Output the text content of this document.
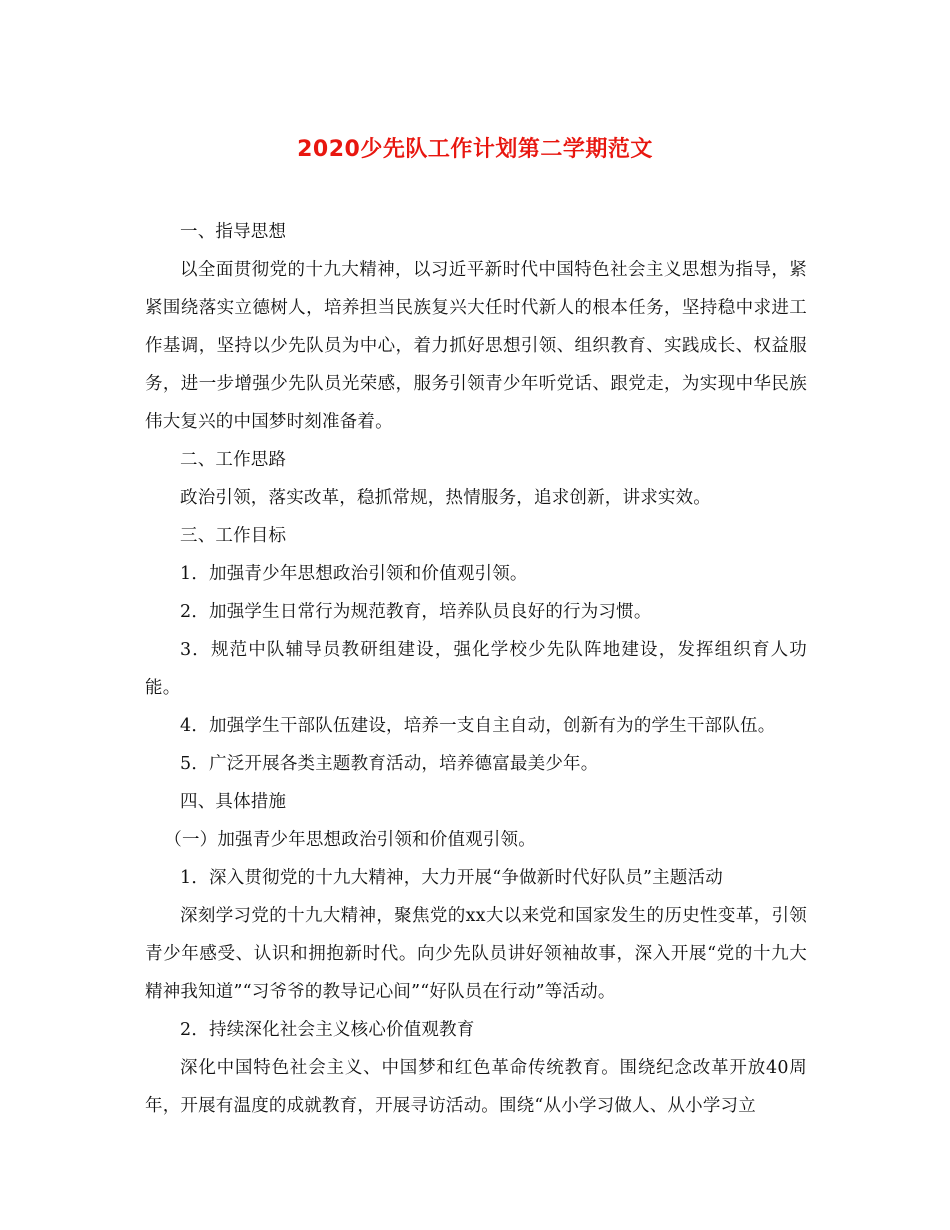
2020少先队工作计划第二学期范文

一、指导思想

以全面贯彻党的十九大精神，以习近平新时代中国特色社会主义思想为指导，紧紧围绕落实立德树人，培养担当民族复兴大任时代新人的根本任务，坚持稳中求进工作基调，坚持以少先队员为中心，着力抓好思想引领、组织教育、实践成长、权益服务，进一步增强少先队员光荣感，服务引领青少年听党话、跟党走，为实现中华民族伟大复兴的中国梦时刻准备着。

二、工作思路

政治引领，落实改革，稳抓常规，热情服务，追求创新，讲求实效。

三、工作目标

1．加强青少年思想政治引领和价值观引领。

2．加强学生日常行为规范教育，培养队员良好的行为习惯。

3．规范中队辅导员教研组建设，强化学校少先队阵地建设，发挥组织育人功能。

4．加强学生干部队伍建设，培养一支自主自动，创新有为的学生干部队伍。

5．广泛开展各类主题教育活动，培养德富最美少年。

四、具体措施

（一）加强青少年思想政治引领和价值观引领。

1．深入贯彻党的十九大精神，大力开展“争做新时代好队员”主题活动

深刻学习党的十九大精神，聚焦党的xx大以来党和国家发生的历史性变革，引领青少年感受、认识和拥抱新时代。向少先队员讲好领袖故事，深入开展“党的十九大精神我知道”“习爷爷的教导记心间”“好队员在行动”等活动。

2．持续深化社会主义核心价值观教育

深化中国特色社会主义、中国梦和红色革命传统教育。围绕纪念改革开放40周年，开展有温度的成就教育，开展寻访活动。围绕“从小学习做人、从小学习立
